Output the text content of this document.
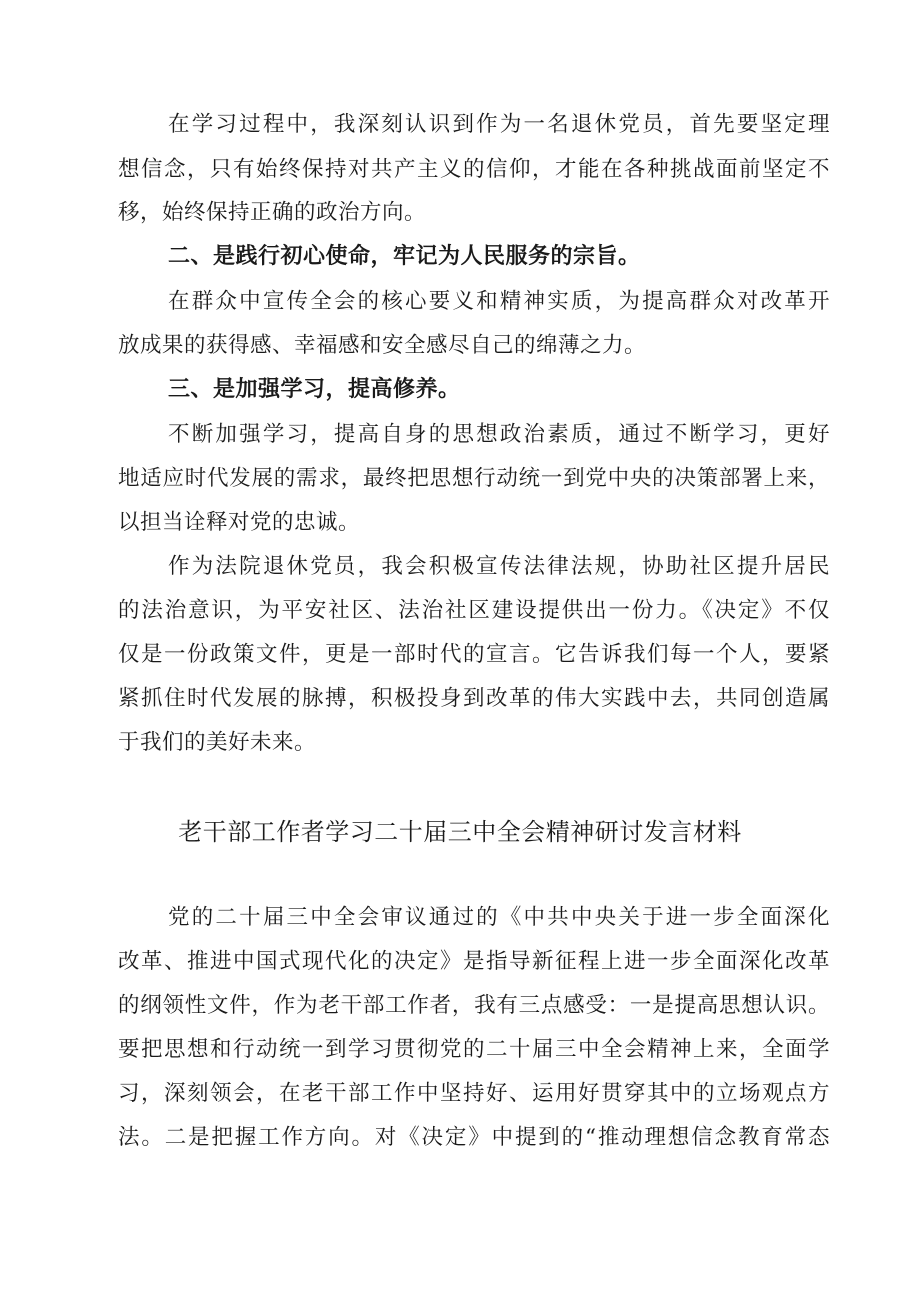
在学习过程中，我深刻认识到作为一名退休党员，首先要坚定理
想信念，只有始终保持对共产主义的信仰，才能在各种挑战面前坚定不
移，始终保持正确的政治方向。
二、是践行初心使命，牢记为人民服务的宗旨。
在群众中宣传全会的核心要义和精神实质，为提高群众对改革开
放成果的获得感、幸福感和安全感尽自己的绵薄之力。
三、是加强学习，提高修养。
不断加强学习，提高自身的思想政治素质，通过不断学习，更好
地适应时代发展的需求，最终把思想行动统一到党中央的决策部署上来，
以担当诠释对党的忠诚。
作为法院退休党员，我会积极宣传法律法规，协助社区提升居民
的法治意识，为平安社区、法治社区建设提供出一份力。《决定》不仅
仅是一份政策文件，更是一部时代的宣言。它告诉我们每一个人，要紧
紧抓住时代发展的脉搏，积极投身到改革的伟大实践中去，共同创造属
于我们的美好未来。
老干部工作者学习二十届三中全会精神研讨发言材料
党的二十届三中全会审议通过的《中共中央关于进一步全面深化
改革、推进中国式现代化的决定》是指导新征程上进一步全面深化改革
的纲领性文件，作为老干部工作者，我有三点感受：一是提高思想认识。
要把思想和行动统一到学习贯彻党的二十届三中全会精神上来，全面学
习，深刻领会，在老干部工作中坚持好、运用好贯穿其中的立场观点方
法。二是把握工作方向。对《决定》中提到的“推动理想信念教育常态
